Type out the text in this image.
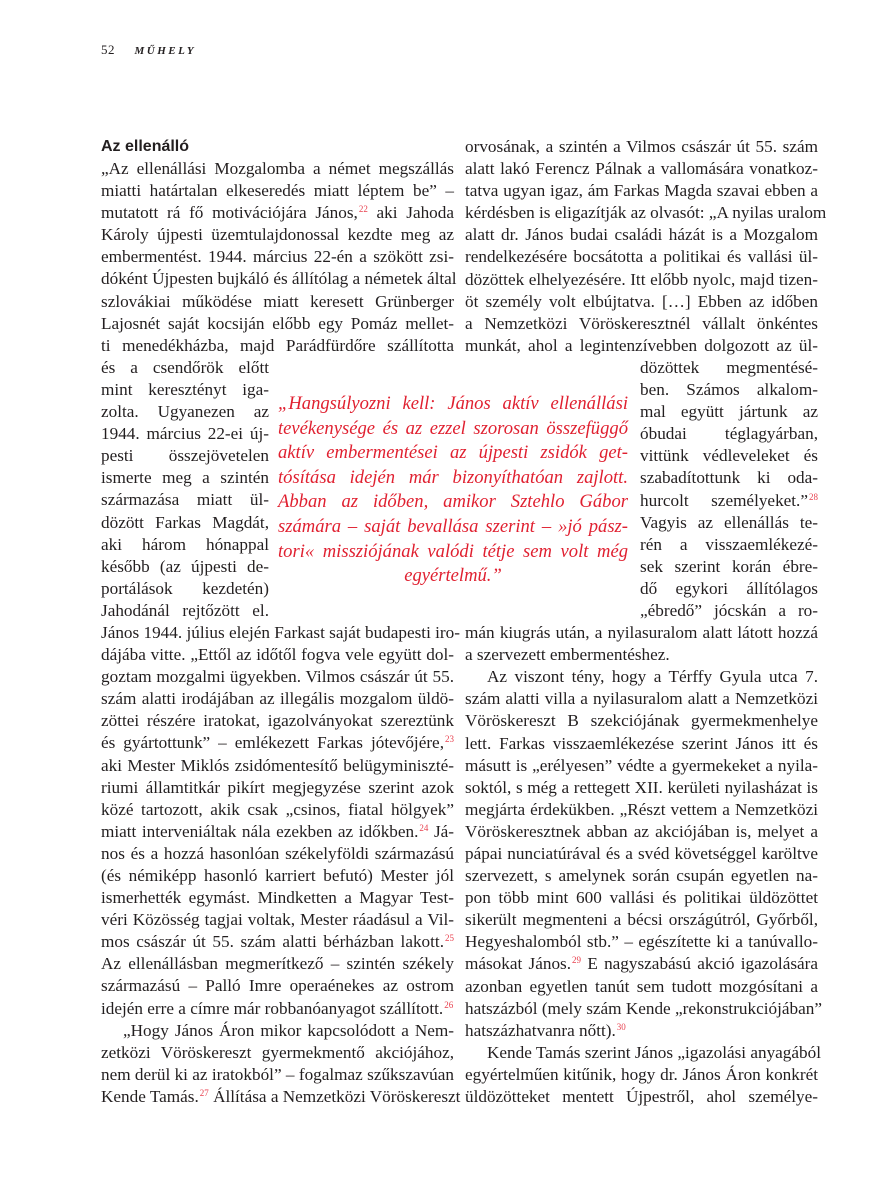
52 MŰHELY
Az ellenálló
„Az ellenállási Mozgalomba a német megszállás
miatti határtalan elkeseredés miatt léptem be” –
mutatott rá fő motivációjára János,$^{22}$ aki Jahoda
Károly újpesti üzemtulajdonossal kezdte meg az
embermentést. 1944. március 22-én a szökött zsi-
dóként Újpesten bujkáló és állítólag a németek által
szlovákiai működése miatt keresett Grünberger
Lajosnét saját kocsiján előbb egy Pomáz mellet-
ti menedékházba, majd Parádfürdőre szállította
és a csendőrök előtt
mint keresztényt iga-
zolta. Ugyanezen az
1944. március 22-ei új-
pesti összejövetelen
ismerte meg a szintén
származása miatt ül-
dözött Farkas Magdát,
aki három hónappal
később (az újpesti de-
portálások kezdetén)
Jahodánál rejtőzött el.
János 1944. július elején Farkast saját budapesti iro-
dájába vitte. „Ettől az időtől fogva vele együtt dol-
goztam mozgalmi ügyekben. Vilmos császár út 55.
szám alatti irodájában az illegális mozgalom üldö-
zöttei részére iratokat, igazolványokat szereztünk
és gyártottunk” – emlékezett Farkas jótevőjére,$^{23}$
aki Mester Miklós zsidómentesítő belügyminiszté-
riumi államtitkár pikírt megjegyzése szerint azok
közé tartozott, akik csak „csinos, fiatal hölgyek”
miatt interveniáltak nála ezekben az időkben.$^{24}$ Já-
nos és a hozzá hasonlóan székelyföldi származású
(és némiképp hasonló karriert befutó) Mester jól
ismerhették egymást. Mindketten a Magyar Test-
véri Közösség tagjai voltak, Mester ráadásul a Vil-
mos császár út 55. szám alatti bérházban lakott.$^{25}$
Az ellenállásban megmerítkező – szintén székely
származású – Palló Imre operaénekes az ostrom
idején erre a címre már robbanóanyagot szállított.$^{26}$
„Hogy János Áron mikor kapcsolódott a Nem-
zetközi Vöröskereszt gyermekmentő akciójához,
nem derül ki az iratokból” – fogalmaz szűkszavúan
Kende Tamás.$^{27}$ Állítása a Nemzetközi Vöröskereszt
orvosának, a szintén a Vilmos császár út 55. szám
alatt lakó Ferencz Pálnak a vallomására vonatkoz-
tatva ugyan igaz, ám Farkas Magda szavai ebben a
kérdésben is eligazítják az olvasót: „A nyilas uralom
alatt dr. János budai családi házát is a Mozgalom
rendelkezésére bocsátotta a politikai és vallási ül-
dözöttek elhelyezésére. Itt előbb nyolc, majd tizen-
öt személy volt elbújtatva. […] Ebben az időben
a Nemzetközi Vöröskeresztnél vállalt önkéntes
munkát, ahol a legintenzívebben dolgozott az ül-
dözöttek megmentésé-
ben. Számos alkalom-
mal együtt jártunk az
óbudai téglagyárban,
vittünk védleveleket és
szabadítottunk ki oda-
hurcolt személyeket.”$^{28}$
Vagyis az ellenállás te-
rén a visszaemlékezé-
sek szerint korán ébre-
dő egykori állítólagos
„ébredő” jócskán a ro-
mán kiugrás után, a nyilasuralom alatt látott hozzá
a szervezett embermentéshez.
Az viszont tény, hogy a Térffy Gyula utca 7.
szám alatti villa a nyilasuralom alatt a Nemzetközi
Vöröskereszt B szekciójának gyermekmenhelye
lett. Farkas visszaemlékezése szerint János itt és
másutt is „erélyesen” védte a gyermekeket a nyila-
soktól, s még a rettegett XII. kerületi nyilasházat is
megjárta érdekükben. „Részt vettem a Nemzetközi
Vöröskeresztnek abban az akciójában is, melyet a
pápai nunciatúrával és a svéd követséggel karöltve
szervezett, s amelynek során csupán egyetlen na-
pon több mint 600 vallási és politikai üldözöttet
sikerült megmenteni a bécsi országútról, Győrből,
Hegyeshalomból stb.” – egészítette ki a tanúvallo-
másokat János.$^{29}$ E nagyszabású akció igazolására
azonban egyetlen tanút sem tudott mozgósítani a
hatszázból (mely szám Kende „rekonstrukciójában”
hatszázhatvanra nőtt).$^{30}$
Kende Tamás szerint János „igazolási anyagából
egyértelműen kitűnik, hogy dr. János Áron konkrét
üldözötteket mentett Újpestről, ahol személye-
„Hangsúlyozni kell: János aktív ellenállási
tevékenysége és az ezzel szorosan összefüggő
aktív embermentései az újpesti zsidók get-
tósítása idején már bizonyíthatóan zajlott.
Abban az időben, amikor Sztehlo Gábor
számára – saját bevallása szerint – »jó pász-
tori« missziójának valódi tétje sem volt még
egyértelmű.”
